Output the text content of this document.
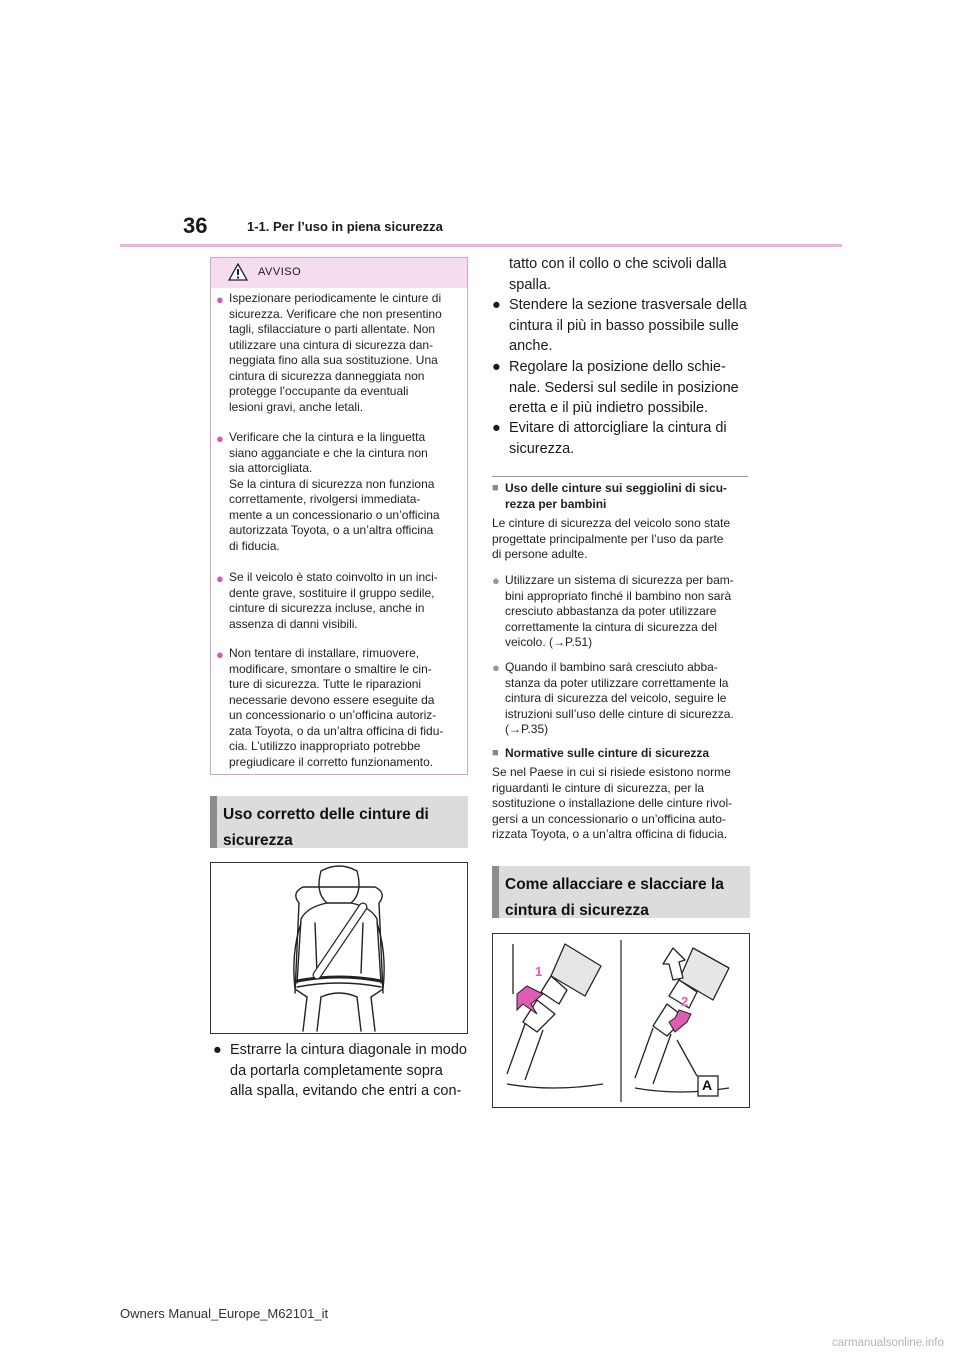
36	1-1. Per l’uso in piena sicurezza
AVVISO
● Ispezionare periodicamente le cinture di
sicurezza. Verificare che non presentino
tagli, sfilacciature o parti allentate. Non
utilizzare una cintura di sicurezza dan-
neggiata fino alla sua sostituzione. Una
cintura di sicurezza danneggiata non
protegge l’occupante da eventuali
lesioni gravi, anche letali.
● Verificare che la cintura e la linguetta
siano agganciate e che la cintura non
sia attorcigliata.
Se la cintura di sicurezza non funziona
correttamente, rivolgersi immediata-
mente a un concessionario o un’officina
autorizzata Toyota, o a un’altra officina
di fiducia.
● Se il veicolo è stato coinvolto in un inci-
dente grave, sostituire il gruppo sedile,
cinture di sicurezza incluse, anche in
assenza di danni visibili.
● Non tentare di installare, rimuovere,
modificare, smontare o smaltire le cin-
ture di sicurezza. Tutte le riparazioni
necessarie devono essere eseguite da
un concessionario o un’officina autoriz-
zata Toyota, o da un’altra officina di fidu-
cia. L’utilizzo inappropriato potrebbe
pregiudicare il corretto funzionamento.
Uso corretto delle cinture di
sicurezza
● Estrarre la cintura diagonale in modo
da portarla completamente sopra
alla spalla, evitando che entri a con-
tatto con il collo o che scivoli dalla
spalla.
● Stendere la sezione trasversale della
cintura il più in basso possibile sulle
anche.
● Regolare la posizione dello schie-
nale. Sedersi sul sedile in posizione
eretta e il più indietro possibile.
● Evitare di attorcigliare la cintura di
sicurezza.
■ Uso delle cinture sui seggiolini di sicu-
rezza per bambini
Le cinture di sicurezza del veicolo sono state
progettate principalmente per l’uso da parte
di persone adulte.
● Utilizzare un sistema di sicurezza per bam-
bini appropriato finché il bambino non sarà
cresciuto abbastanza da poter utilizzare
correttamente la cintura di sicurezza del
veicolo. (→P.51)
● Quando il bambino sarà cresciuto abba-
stanza da poter utilizzare correttamente la
cintura di sicurezza del veicolo, seguire le
istruzioni sull’uso delle cinture di sicurezza.
(→P.35)
■ Normative sulle cinture di sicurezza
Se nel Paese in cui si risiede esistono norme
riguardanti le cinture di sicurezza, per la
sostituzione o installazione delle cinture rivol-
gersi a un concessionario o un’officina auto-
rizzata Toyota, o a un’altra officina di fiducia.
Come allacciare e slacciare la
cintura di sicurezza
1
2
A
Owners Manual_Europe_M62101_it
carmanualsonline.info
